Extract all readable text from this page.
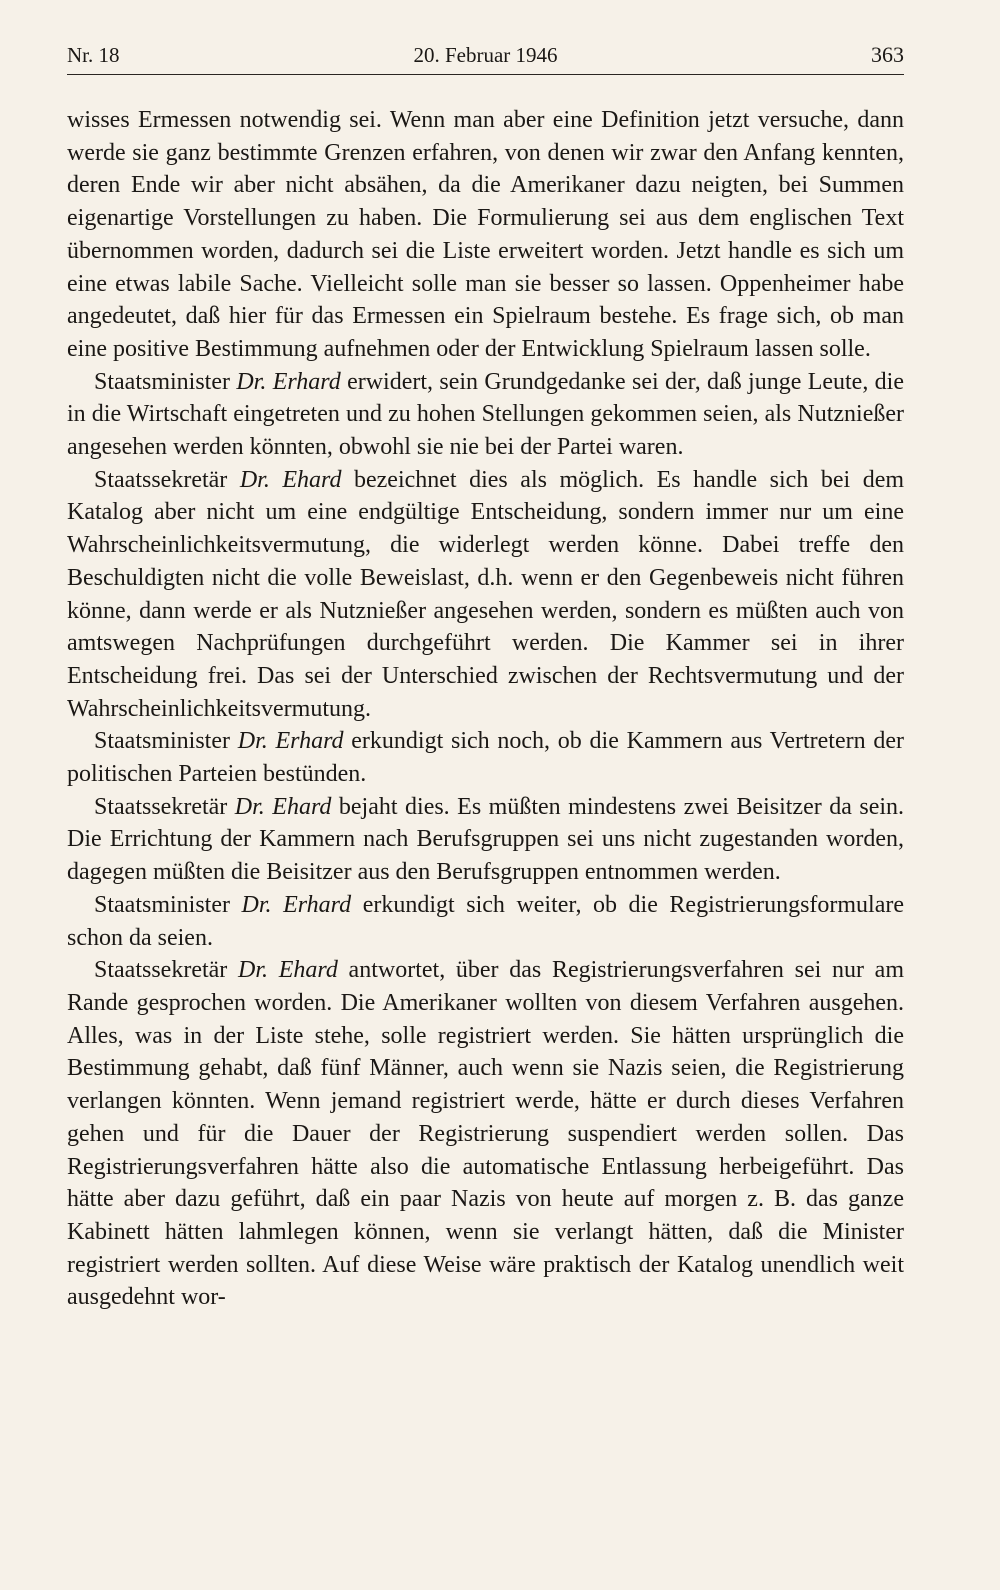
Nr. 18	20. Februar 1946	363

wisses Ermessen notwendig sei. Wenn man aber eine Definition jetzt versuche, dann werde sie ganz bestimmte Grenzen erfahren, von denen wir zwar den Anfang kennten, deren Ende wir aber nicht absähen, da die Amerikaner dazu neigten, bei Summen eigenartige Vorstellungen zu haben. Die Formulierung sei aus dem englischen Text übernommen worden, dadurch sei die Liste erweitert worden. Jetzt handle es sich um eine etwas labile Sache. Vielleicht solle man sie besser so lassen. Oppenheimer habe angedeutet, daß hier für das Ermessen ein Spielraum bestehe. Es frage sich, ob man eine positive Bestimmung aufnehmen oder der Entwicklung Spielraum lassen solle.

Staatsminister Dr. Erhard erwidert, sein Grundgedanke sei der, daß junge Leute, die in die Wirtschaft eingetreten und zu hohen Stellungen gekommen seien, als Nutznießer angesehen werden könnten, obwohl sie nie bei der Partei waren.

Staatssekretär Dr. Ehard bezeichnet dies als möglich. Es handle sich bei dem Katalog aber nicht um eine endgültige Entscheidung, sondern immer nur um eine Wahrscheinlichkeitsvermutung, die widerlegt werden könne. Dabei treffe den Beschuldigten nicht die volle Beweislast, d.h. wenn er den Gegenbeweis nicht führen könne, dann werde er als Nutznießer angesehen werden, sondern es müßten auch von amtswegen Nachprüfungen durchgeführt werden. Die Kammer sei in ihrer Entscheidung frei. Das sei der Unterschied zwischen der Rechtsvermutung und der Wahrscheinlichkeitsvermutung.

Staatsminister Dr. Erhard erkundigt sich noch, ob die Kammern aus Vertretern der politischen Parteien bestünden.

Staatssekretär Dr. Ehard bejaht dies. Es müßten mindestens zwei Beisitzer da sein. Die Errichtung der Kammern nach Berufsgruppen sei uns nicht zugestanden worden, dagegen müßten die Beisitzer aus den Berufsgruppen entnommen werden.

Staatsminister Dr. Erhard erkundigt sich weiter, ob die Registrierungsformulare schon da seien.

Staatssekretär Dr. Ehard antwortet, über das Registrierungsverfahren sei nur am Rande gesprochen worden. Die Amerikaner wollten von diesem Verfahren ausgehen. Alles, was in der Liste stehe, solle registriert werden. Sie hätten ursprünglich die Bestimmung gehabt, daß fünf Männer, auch wenn sie Nazis seien, die Registrierung verlangen könnten. Wenn jemand registriert werde, hätte er durch dieses Verfahren gehen und für die Dauer der Registrierung suspendiert werden sollen. Das Registrierungsverfahren hätte also die automatische Entlassung herbeigeführt. Das hätte aber dazu geführt, daß ein paar Nazis von heute auf morgen z. B. das ganze Kabinett hätten lahmlegen können, wenn sie verlangt hätten, daß die Minister registriert werden sollten. Auf diese Weise wäre praktisch der Katalog unendlich weit ausgedehnt wor-
